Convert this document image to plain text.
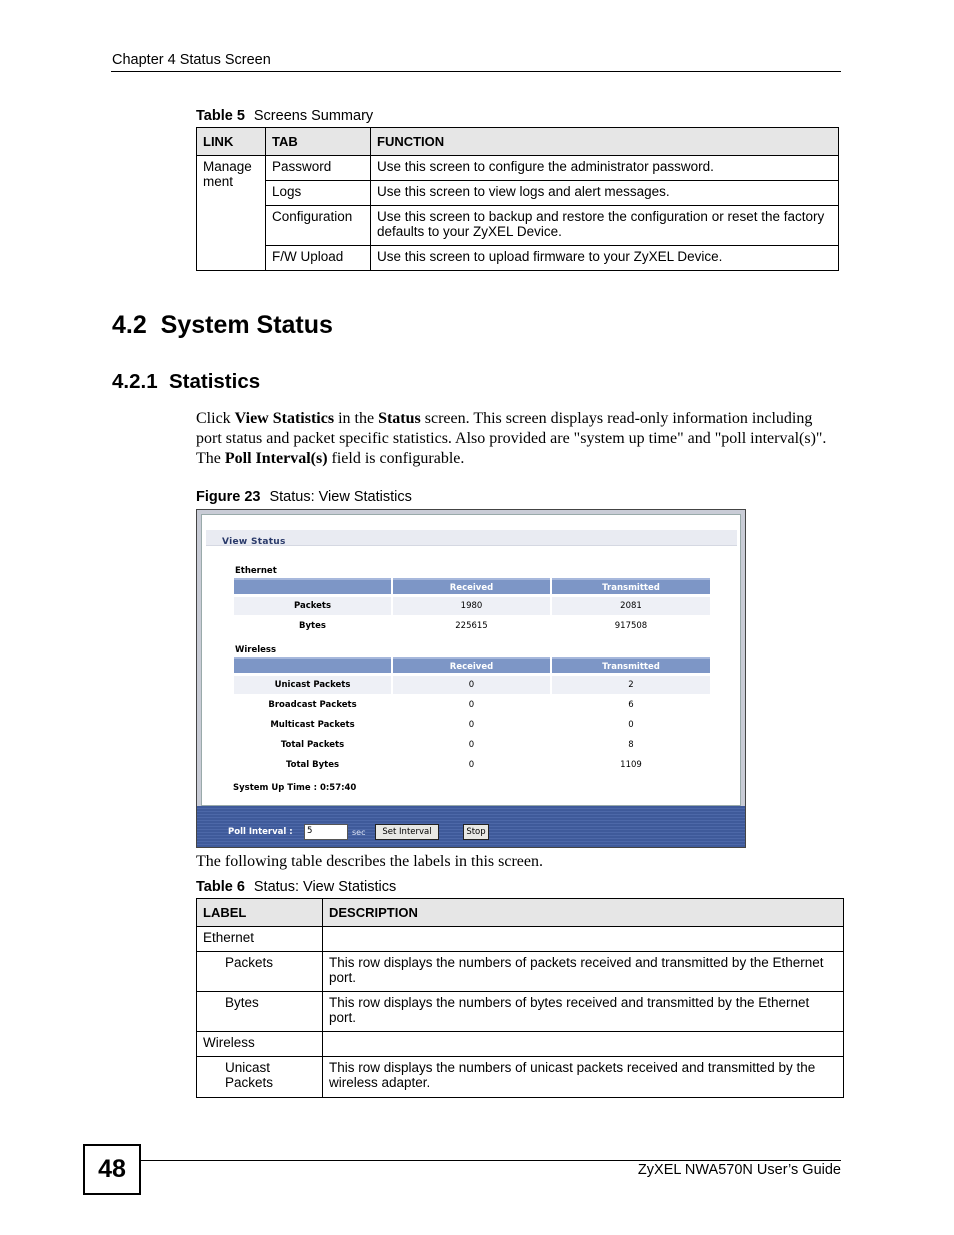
Chapter 4 Status Screen
Table 5 Screens Summary
LINK	TAB	FUNCTION
Manage ment	Password	Use this screen to configure the administrator password.
	Logs	Use this screen to view logs and alert messages.
	Configuration	Use this screen to backup and restore the configuration or reset the factory defaults to your ZyXEL Device.
	F/W Upload	Use this screen to upload firmware to your ZyXEL Device.
4.2  System Status
4.2.1  Statistics
Click View Statistics in the Status screen. This screen displays read-only information including port status and packet specific statistics. Also provided are "system up time" and "poll interval(s)". The Poll Interval(s) field is configurable.
Figure 23 Status: View Statistics
View Status
Ethernet
Received	Transmitted
Packets	1980	2081
Bytes	225615	917508
Wireless
Received	Transmitted
Unicast Packets	0	2
Broadcast Packets	0	6
Multicast Packets	0	0
Total Packets	0	8
Total Bytes	0	1109
System Up Time : 0:57:40
Poll Interval :	5	sec	Set Interval	Stop
The following table describes the labels in this screen.
Table 6 Status: View Statistics
LABEL	DESCRIPTION
Ethernet	
Packets	This row displays the numbers of packets received and transmitted by the Ethernet port.
Bytes	This row displays the numbers of bytes received and transmitted by the Ethernet port.
Wireless	
Unicast Packets	This row displays the numbers of unicast packets received and transmitted by the wireless adapter.
48	ZyXEL NWA570N User’s Guide
